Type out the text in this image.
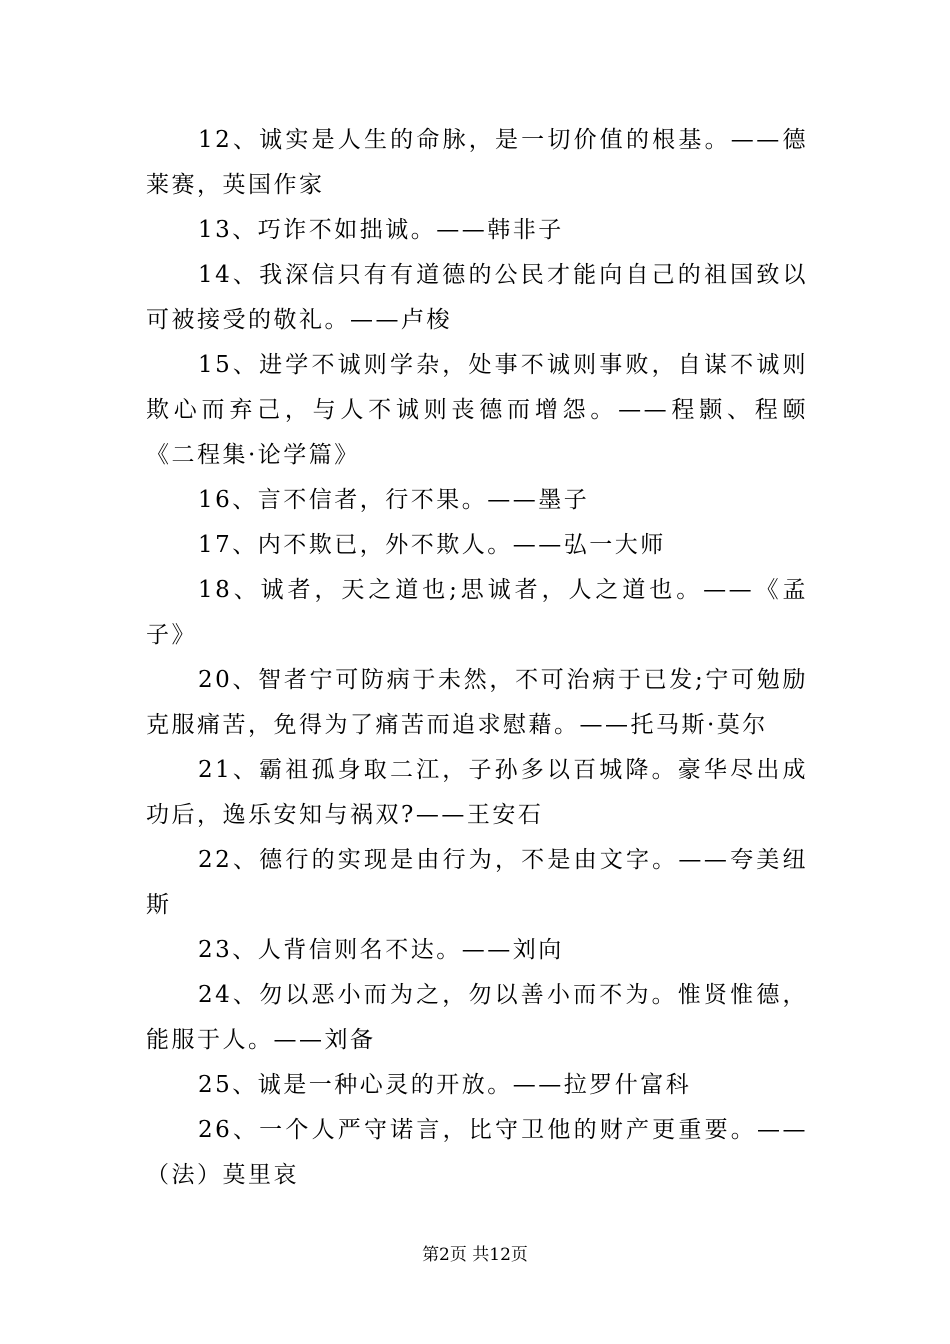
12、诚实是人生的命脉，是一切价值的根基。——德莱赛，英国作家

13、巧诈不如拙诚。——韩非子

14、我深信只有有道德的公民才能向自己的祖国致以可被接受的敬礼。——卢梭

15、进学不诚则学杂，处事不诚则事败，自谋不诚则欺心而弃己，与人不诚则丧德而增怨。——程颢、程颐《二程集·论学篇》

16、言不信者，行不果。——墨子

17、内不欺已，外不欺人。——弘一大师

18、诚者，天之道也;思诚者，人之道也。——《孟子》

20、智者宁可防病于未然，不可治病于已发;宁可勉励克服痛苦，免得为了痛苦而追求慰藉。——托马斯·莫尔

21、霸祖孤身取二江，子孙多以百城降。豪华尽出成功后，逸乐安知与祸双?——王安石

22、德行的实现是由行为，不是由文字。——夸美纽斯

23、人背信则名不达。——刘向

24、勿以恶小而为之，勿以善小而不为。惟贤惟德，能服于人。——刘备

25、诚是一种心灵的开放。——拉罗什富科

26、一个人严守诺言，比守卫他的财产更重要。——（法）莫里哀

第2页 共12页
